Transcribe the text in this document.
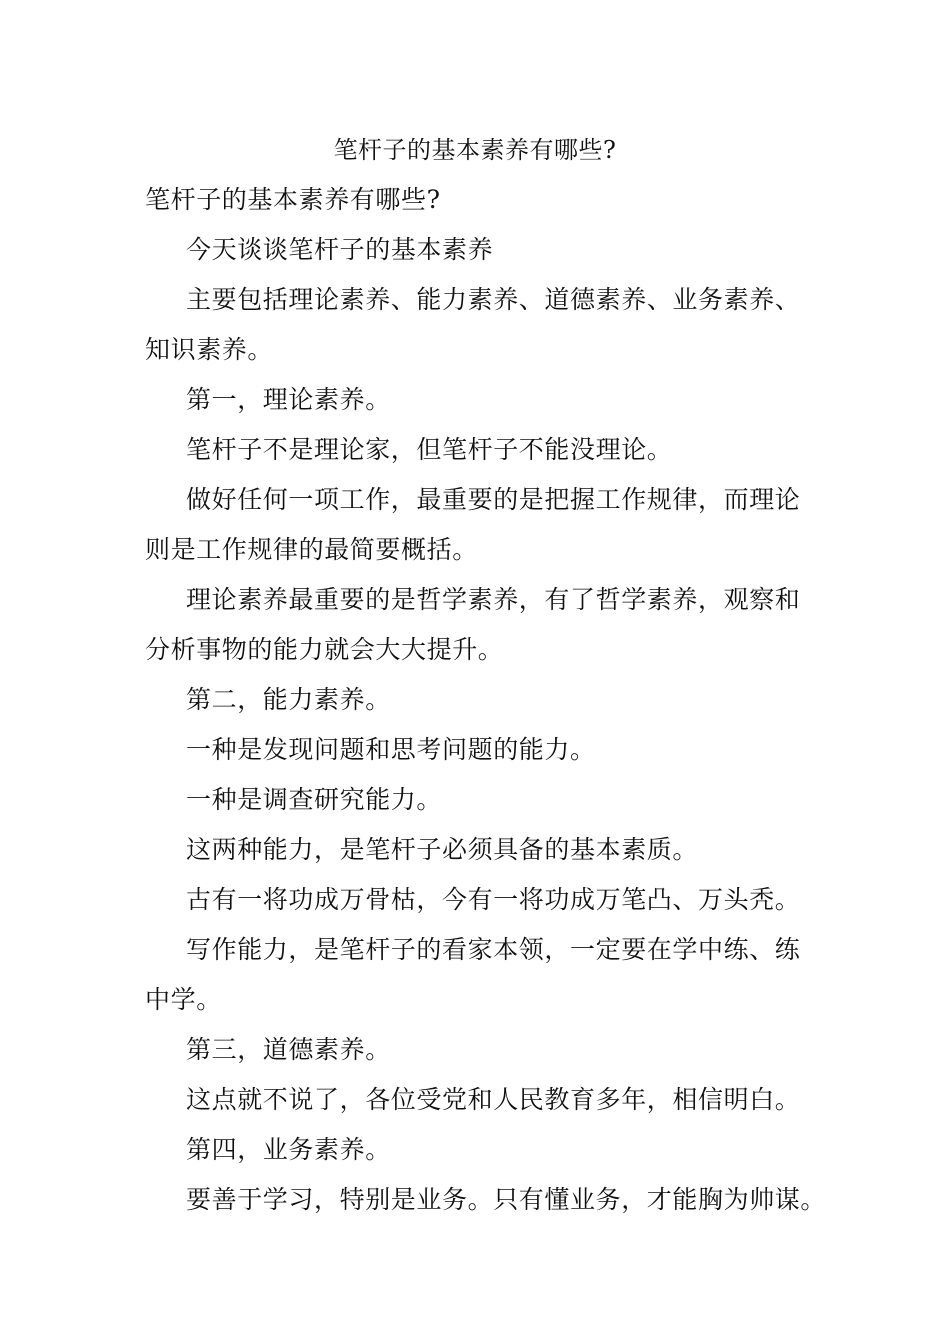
笔杆子的基本素养有哪些?
笔杆子的基本素养有哪些?
今天谈谈笔杆子的基本素养
主要包括理论素养、能力素养、道德素养、业务素养、
知识素养。
第一，理论素养。
笔杆子不是理论家，但笔杆子不能没理论。
做好任何一项工作，最重要的是把握工作规律，而理论
则是工作规律的最简要概括。
理论素养最重要的是哲学素养，有了哲学素养，观察和
分析事物的能力就会大大提升。
第二，能力素养。
一种是发现问题和思考问题的能力。
一种是调查研究能力。
这两种能力，是笔杆子必须具备的基本素质。
古有一将功成万骨枯，今有一将功成万笔凸、万头秃。
写作能力，是笔杆子的看家本领，一定要在学中练、练
中学。
第三，道德素养。
这点就不说了，各位受党和人民教育多年，相信明白。
第四，业务素养。
要善于学习，特别是业务。只有懂业务，才能胸为帅谋。
